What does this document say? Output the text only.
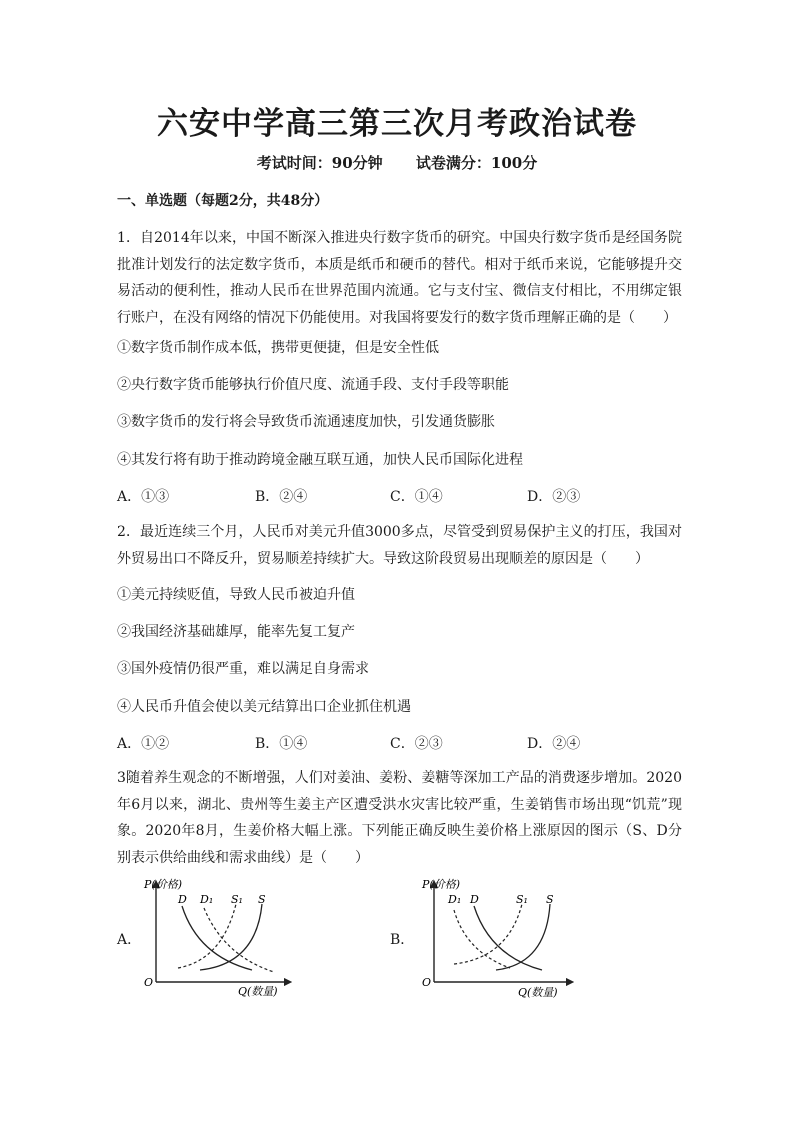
六安中学高三第三次月考政治试卷
考试时间：90分钟 试卷满分：100分
一、单选题（每题2分，共48分）
1．自2014年以来，中国不断深入推进央行数字货币的研究。中国央行数字货币是经国务院批准计划发行的法定数字货币，本质是纸币和硬币的替代。相对于纸币来说，它能够提升交易活动的便利性，推动人民币在世界范围内流通。它与支付宝、微信支付相比，不用绑定银行账户，在没有网络的情况下仍能使用。对我国将要发行的数字货币理解正确的是（　　）
①数字货币制作成本低，携带更便捷，但是安全性低
②央行数字货币能够执行价值尺度、流通手段、支付手段等职能
③数字货币的发行将会导致货币流通速度加快，引发通货膨胀
④其发行将有助于推动跨境金融互联互通，加快人民币国际化进程
A．①③	B．②④	C．①④	D．②③
2．最近连续三个月，人民币对美元升值3000多点，尽管受到贸易保护主义的打压，我国对外贸易出口不降反升，贸易顺差持续扩大。导致这阶段贸易出现顺差的原因是（　　）
①美元持续贬值，导致人民币被迫升值
②我国经济基础雄厚，能率先复工复产
③国外疫情仍很严重，难以满足自身需求
④人民币升值会使以美元结算出口企业抓住机遇
A．①②	B．①④	C．②③	D．②④
3随着养生观念的不断增强，人们对姜油、姜粉、姜糖等深加工产品的消费逐步增加。2020年6月以来，湖北、贵州等生姜主产区遭受洪水灾害比较严重，生姜销售市场出现“饥荒”现象。2020年8月，生姜价格大幅上涨。下列能正确反映生姜价格上涨原因的图示（S、D分别表示供给曲线和需求曲线）是（　　）
A．
P(价格)
Q(数量)
O
D D₁ S₁ S
B．
P(价格)
Q(数量)
O
D₁ D	S₁ S
